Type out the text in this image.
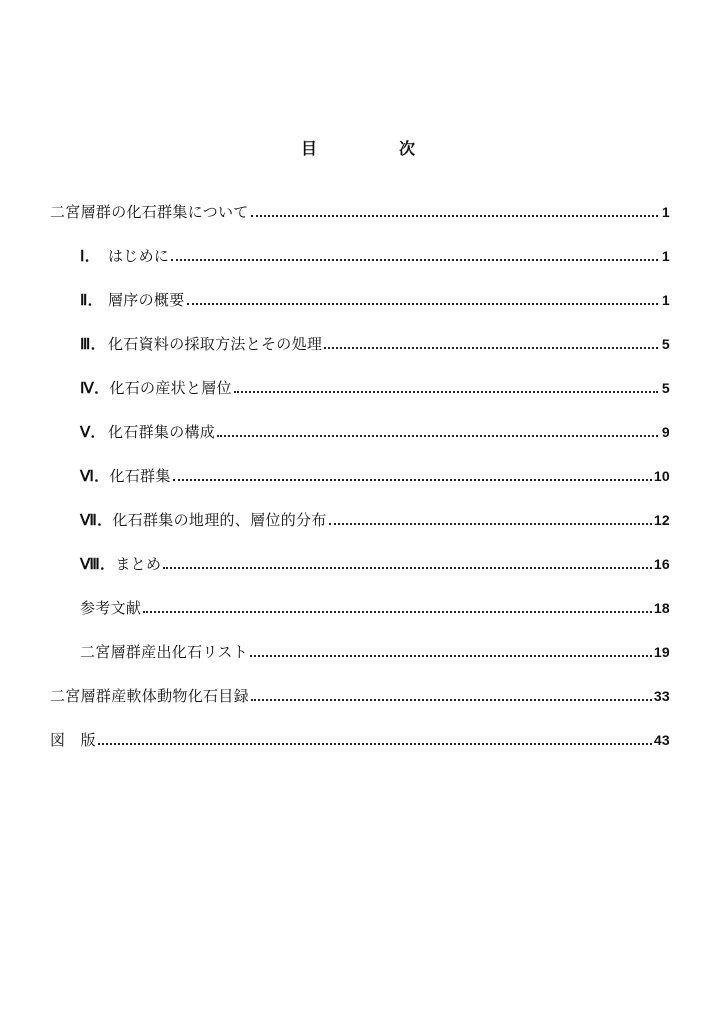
目	次
二宮層群の化石群集について	1
Ⅰ． はじめに	1
Ⅱ． 層序の概要	1
Ⅲ． 化石資料の採取方法とその処理	5
Ⅳ． 化石の産状と層位	5
Ⅴ． 化石群集の構成	9
Ⅵ． 化石群集	10
Ⅶ． 化石群集の地理的、層位的分布	12
Ⅷ． まとめ	16
参考文献	18
二宮層群産出化石リスト	19
二宮層群産軟体動物化石目録	33
図　版	43
